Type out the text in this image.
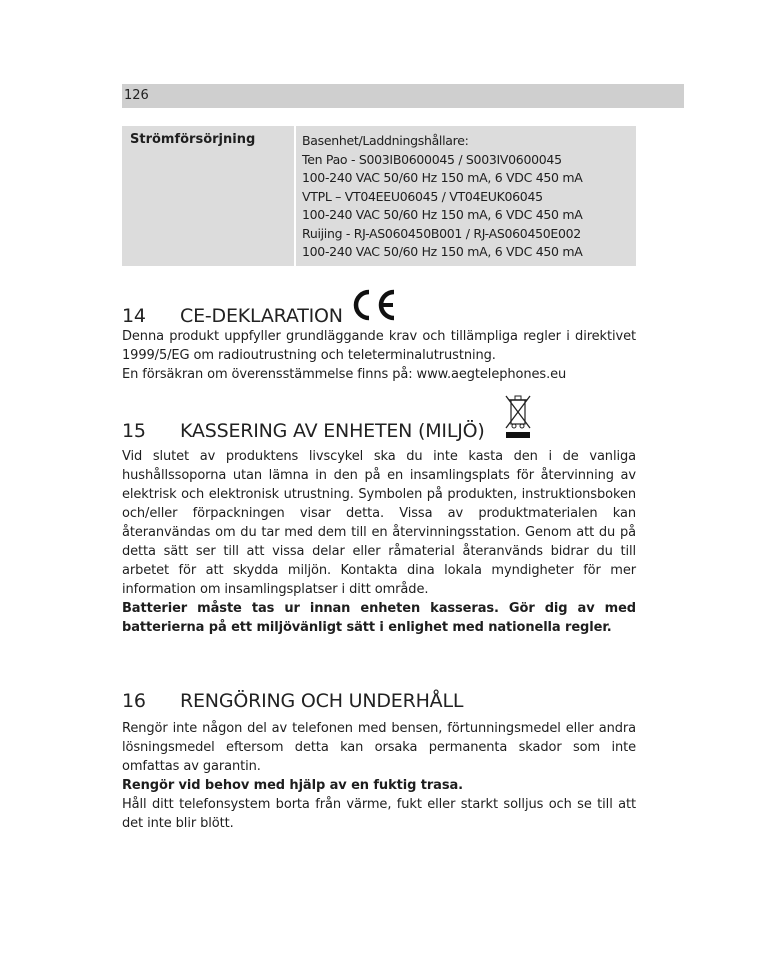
126
Strömförsörjning	Basenhet/Laddningshållare:
Ten Pao - S003IB0600045 / S003IV0600045
100-240 VAC 50/60 Hz 150 mA, 6 VDC 450 mA
VTPL – VT04EEU06045 / VT04EUK06045
100-240 VAC 50/60 Hz 150 mA, 6 VDC 450 mA
Ruijing - RJ-AS060450B001 / RJ-AS060450E002
100-240 VAC 50/60 Hz 150 mA, 6 VDC 450 mA
14	CE-DEKLARATION

Denna produkt uppfyller grundläggande krav och tillämpliga regler i direktivet 1999/5/EG om radioutrustning och teleterminalutrustning.

En försäkran om överensstämmelse finns på: www.aegtelephones.eu

15	KASSERING AV ENHETEN (MILJÖ)

Vid slutet av produktens livscykel ska du inte kasta den i de vanliga hushållssoporna utan lämna in den på en insamlingsplats för återvinning av elektrisk och elektronisk utrustning. Symbolen på produkten, instruktionsboken och/eller förpackningen visar detta. Vissa av produktmaterialen kan återanvändas om du tar med dem till en återvinningsstation. Genom att du på detta sätt ser till att vissa delar eller råmaterial återanvänds bidrar du till arbetet för att skydda miljön. Kontakta dina lokala myndigheter för mer information om insamlingsplatser i ditt område.

Batterier måste tas ur innan enheten kasseras. Gör dig av med batterierna på ett miljövänligt sätt i enlighet med nationella regler.

16	RENGÖRING OCH UNDERHÅLL

Rengör inte någon del av telefonen med bensen, förtunningsmedel eller andra lösningsmedel eftersom detta kan orsaka permanenta skador som inte omfattas av garantin.

Rengör vid behov med hjälp av en fuktig trasa.

Håll ditt telefonsystem borta från värme, fukt eller starkt solljus och se till att det inte blir blött.
